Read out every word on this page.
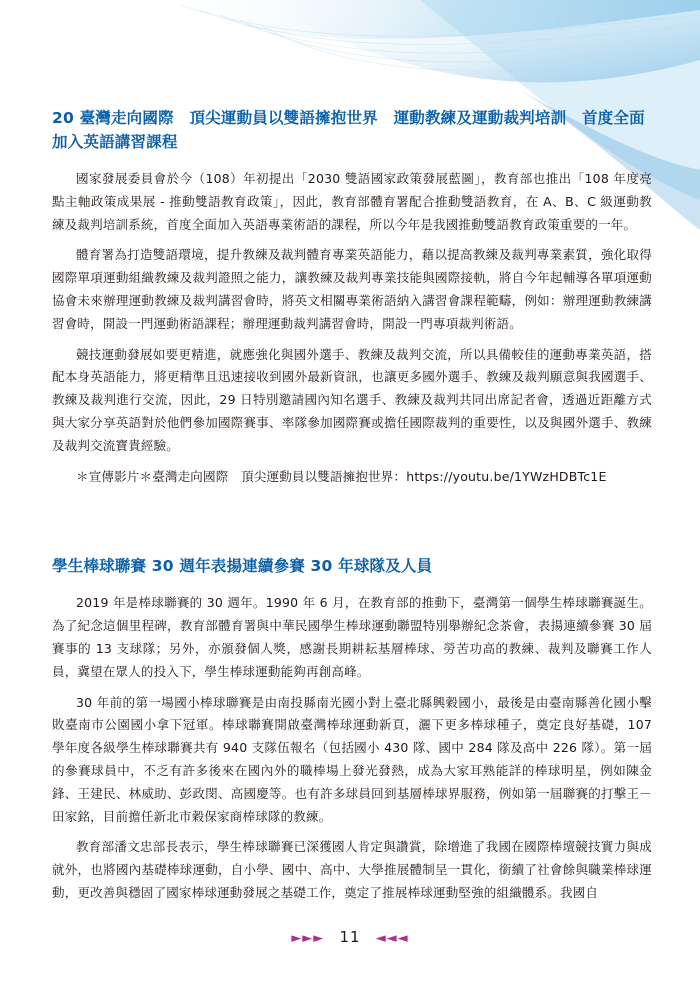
20 臺灣走向國際　頂尖運動員以雙語擁抱世界　運動教練及運動裁判培訓　首度全面加入英語講習課程

國家發展委員會於今（108）年初提出「2030 雙語國家政策發展藍圖」，教育部也推出「108 年度亮點主軸政策成果展 - 推動雙語教育政策」，因此，教育部體育署配合推動雙語教育，在 A、B、C 級運動教練及裁判培訓系統，首度全面加入英語專業術語的課程，所以今年是我國推動雙語教育政策重要的一年。

體育署為打造雙語環境，提升教練及裁判體育專業英語能力，藉以提高教練及裁判專業素質，強化取得國際單項運動組織教練及裁判證照之能力，讓教練及裁判專業技能與國際接軌，將自今年起輔導各單項運動協會未來辦理運動教練及裁判講習會時，將英文相關專業術語納入講習會課程範疇，例如：辦理運動教練講習會時，開設一門運動術語課程；辦理運動裁判講習會時，開設一門專項裁判術語。

競技運動發展如要更精進，就應強化與國外選手、教練及裁判交流，所以具備較佳的運動專業英語，搭配本身英語能力，將更精準且迅速接收到國外最新資訊，也讓更多國外選手、教練及裁判願意與我國選手、教練及裁判進行交流，因此，29 日特別邀請國內知名選手、教練及裁判共同出席記者會，透過近距離方式與大家分享英語對於他們參加國際賽事、率隊參加國際賽或擔任國際裁判的重要性，以及與國外選手、教練及裁判交流寶貴經驗。

＊宣傳影片＊臺灣走向國際　頂尖運動員以雙語擁抱世界：https://youtu.be/1YWzHDBTc1E

學生棒球聯賽 30 週年表揚連續參賽 30 年球隊及人員

2019 年是棒球聯賽的 30 週年。1990 年 6 月，在教育部的推動下，臺灣第一個學生棒球聯賽誕生。為了紀念這個里程碑，教育部體育署與中華民國學生棒球運動聯盟特別舉辦紀念茶會，表揚連續參賽 30 屆賽事的 13 支球隊；另外，亦頒發個人獎，感謝長期耕耘基層棒球、勞苦功高的教練、裁判及聯賽工作人員，冀望在眾人的投入下，學生棒球運動能夠再創高峰。

30 年前的第一場國小棒球聯賽是由南投縣南光國小對上臺北縣興穀國小，最後是由臺南縣善化國小擊敗臺南市公園國小拿下冠軍。棒球聯賽開啟臺灣棒球運動新頁，灑下更多棒球種子，奠定良好基礎，107 學年度各級學生棒球聯賽共有 940 支隊伍報名（包括國小 430 隊、國中 284 隊及高中 226 隊）。第一屆的參賽球員中，不乏有許多後來在國內外的職棒場上發光發熱，成為大家耳熟能詳的棒球明星，例如陳金鋒、王建民、林威助、彭政閔、高國慶等。也有許多球員回到基層棒球界服務，例如第一屆聯賽的打擊王－田家銘，目前擔任新北市穀保家商棒球隊的教練。

教育部潘文忠部長表示，學生棒球聯賽已深獲國人肯定與讚賞，除增進了我國在國際棒壇競技實力與成就外，也將國內基礎棒球運動，自小學、國中、高中、大學推展體制呈一貫化，銜續了社會餘與職業棒球運動，更改善與穩固了國家棒球運動發展之基礎工作，奠定了推展棒球運動堅強的組織體系。我國自

►►► 11 ◄◄◄
